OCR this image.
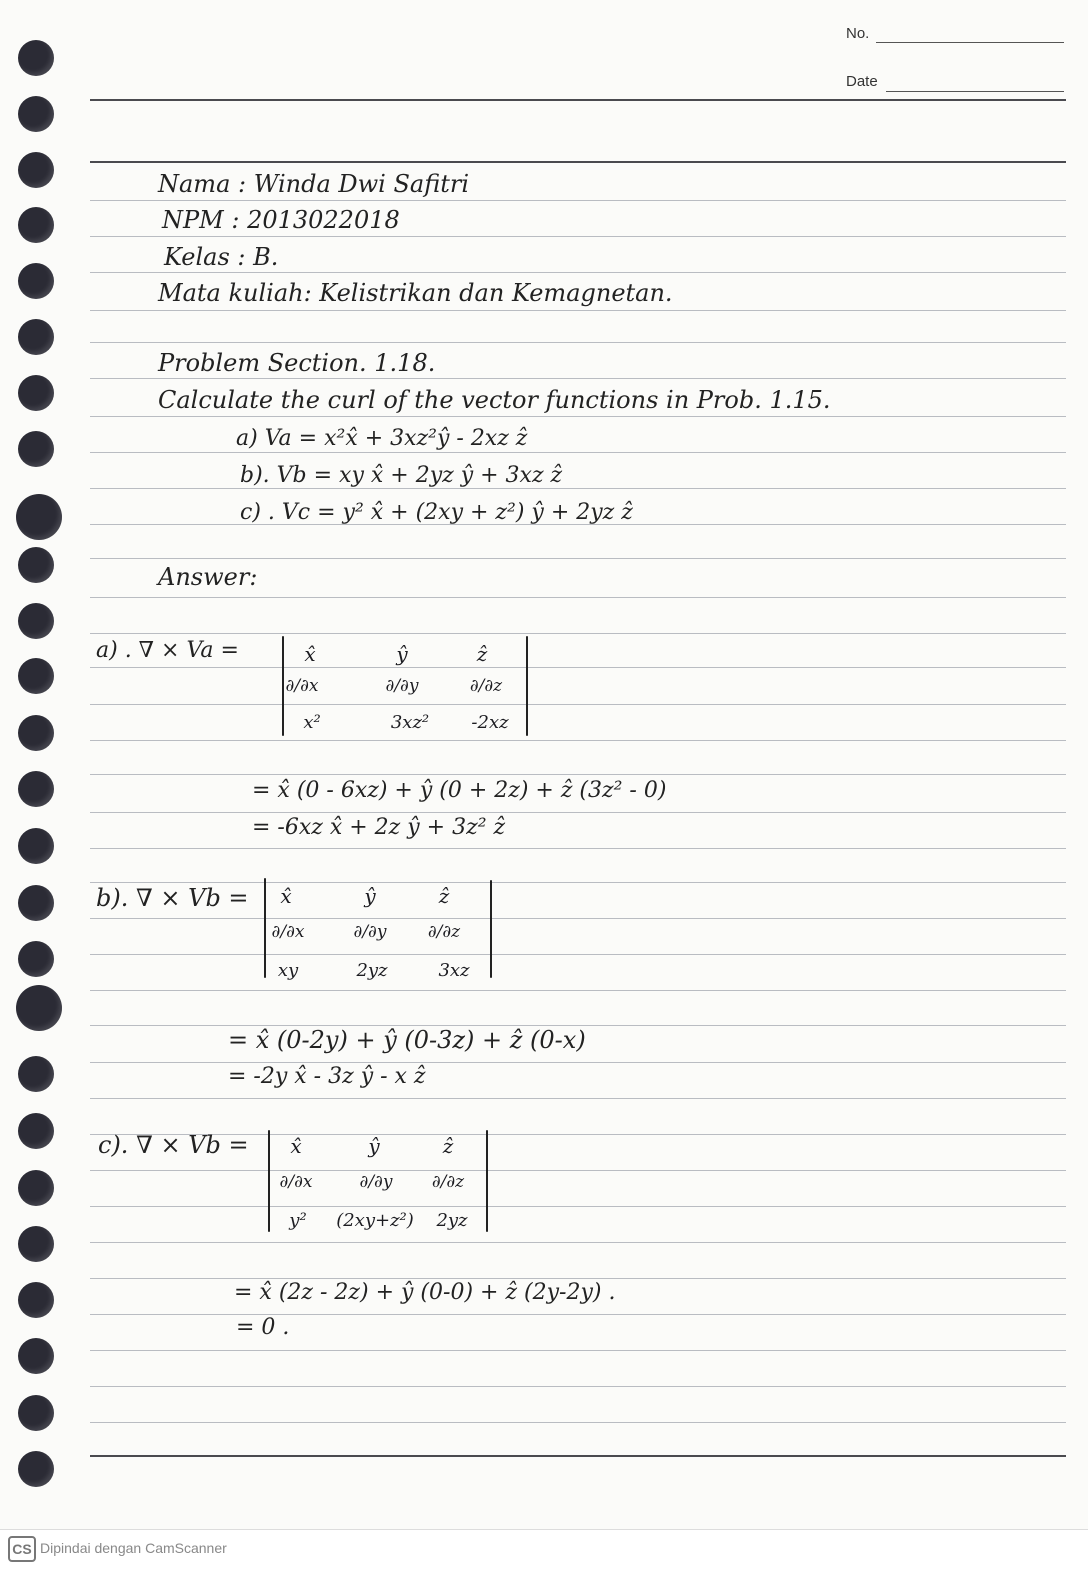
No.
Date
Nama : Winda Dwi Safitri
NPM : 2013022018
Kelas : B.
Mata kuliah: Kelistrikan dan Kemagnetan.
Problem Section. 1.18.
Calculate the curl of the vector functions in Prob. 1.15.
a) Va = x²x̂ + 3xz²ŷ - 2xz ẑ
b). Vb = xy x̂ + 2yz ŷ + 3xz ẑ
c) . Vc = y² x̂ + (2xy + z²) ŷ + 2yz ẑ
Answer:
a) . ∇ × Va =	x̂	ŷ	ẑ
∂/∂x	∂/∂y	∂/∂z
x²	3xz²	-2xz
= x̂ (0 - 6xz) + ŷ (0 + 2z) + ẑ (3z² - 0)
= -6xz x̂ + 2z ŷ + 3z² ẑ
b). ∇ × Vb =	x̂	ŷ	ẑ
∂/∂x	∂/∂y	∂/∂z
xy	2yz	3xz
= x̂ (0-2y) + ŷ (0-3z) + ẑ (0-x)
= -2y x̂ - 3z ŷ - x ẑ
c). ∇ × Vb =	x̂	ŷ	ẑ
∂/∂x	∂/∂y	∂/∂z
y²	(2xy+z²)	2yz
= x̂ (2z - 2z) + ŷ (0-0) + ẑ (2y-2y) .
= 0 .
CS Dipindai dengan CamScanner
